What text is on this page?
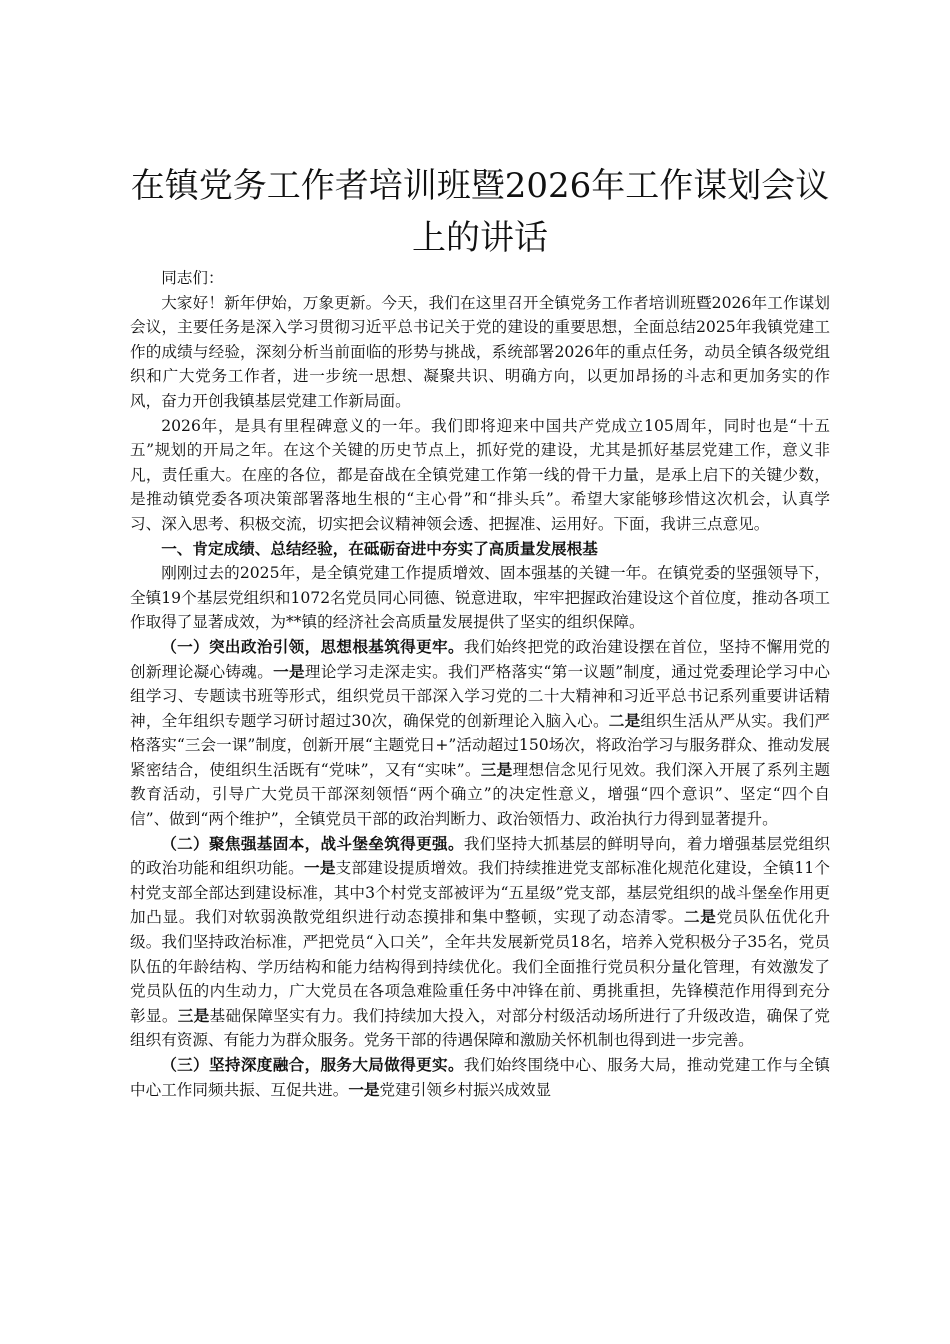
在镇党务工作者培训班暨2026年工作谋划会议上的讲话

同志们：

大家好！新年伊始，万象更新。今天，我们在这里召开全镇党务工作者培训班暨2026年工作谋划会议，主要任务是深入学习贯彻习近平总书记关于党的建设的重要思想，全面总结2025年我镇党建工作的成绩与经验，深刻分析当前面临的形势与挑战，系统部署2026年的重点任务，动员全镇各级党组织和广大党务工作者，进一步统一思想、凝聚共识、明确方向，以更加昂扬的斗志和更加务实的作风，奋力开创我镇基层党建工作新局面。

2026年，是具有里程碑意义的一年。我们即将迎来中国共产党成立105周年，同时也是“十五五”规划的开局之年。在这个关键的历史节点上，抓好党的建设，尤其是抓好基层党建工作，意义非凡，责任重大。在座的各位，都是奋战在全镇党建工作第一线的骨干力量，是承上启下的关键少数，是推动镇党委各项决策部署落地生根的“主心骨”和“排头兵”。希望大家能够珍惜这次机会，认真学习、深入思考、积极交流，切实把会议精神领会透、把握准、运用好。下面，我讲三点意见。

一、肯定成绩、总结经验，在砥砺奋进中夯实了高质量发展根基

刚刚过去的2025年，是全镇党建工作提质增效、固本强基的关键一年。在镇党委的坚强领导下，全镇19个基层党组织和1072名党员同心同德、锐意进取，牢牢把握政治建设这个首位度，推动各项工作取得了显著成效，为**镇的经济社会高质量发展提供了坚实的组织保障。

（一）突出政治引领，思想根基筑得更牢。我们始终把党的政治建设摆在首位，坚持不懈用党的创新理论凝心铸魂。一是理论学习走深走实。我们严格落实“第一议题”制度，通过党委理论学习中心组学习、专题读书班等形式，组织党员干部深入学习党的二十大精神和习近平总书记系列重要讲话精神，全年组织专题学习研讨超过30次，确保党的创新理论入脑入心。二是组织生活从严从实。我们严格落实“三会一课”制度，创新开展“主题党日+”活动超过150场次，将政治学习与服务群众、推动发展紧密结合，使组织生活既有“党味”，又有“实味”。三是理想信念见行见效。我们深入开展了系列主题教育活动，引导广大党员干部深刻领悟“两个确立”的决定性意义，增强“四个意识”、坚定“四个自信”、做到“两个维护”，全镇党员干部的政治判断力、政治领悟力、政治执行力得到显著提升。

（二）聚焦强基固本，战斗堡垒筑得更强。我们坚持大抓基层的鲜明导向，着力增强基层党组织的政治功能和组织功能。一是支部建设提质增效。我们持续推进党支部标准化规范化建设，全镇11个村党支部全部达到建设标准，其中3个村党支部被评为“五星级”党支部，基层党组织的战斗堡垒作用更加凸显。我们对软弱涣散党组织进行动态摸排和集中整顿，实现了动态清零。二是党员队伍优化升级。我们坚持政治标准，严把党员“入口关”，全年共发展新党员18名，培养入党积极分子35名，党员队伍的年龄结构、学历结构和能力结构得到持续优化。我们全面推行党员积分量化管理，有效激发了党员队伍的内生动力，广大党员在各项急难险重任务中冲锋在前、勇挑重担，先锋模范作用得到充分彰显。三是基础保障坚实有力。我们持续加大投入，对部分村级活动场所进行了升级改造，确保了党组织有资源、有能力为群众服务。党务干部的待遇保障和激励关怀机制也得到进一步完善。

（三）坚持深度融合，服务大局做得更实。我们始终围绕中心、服务大局，推动党建工作与全镇中心工作同频共振、互促共进。一是党建引领乡村振兴成效显
